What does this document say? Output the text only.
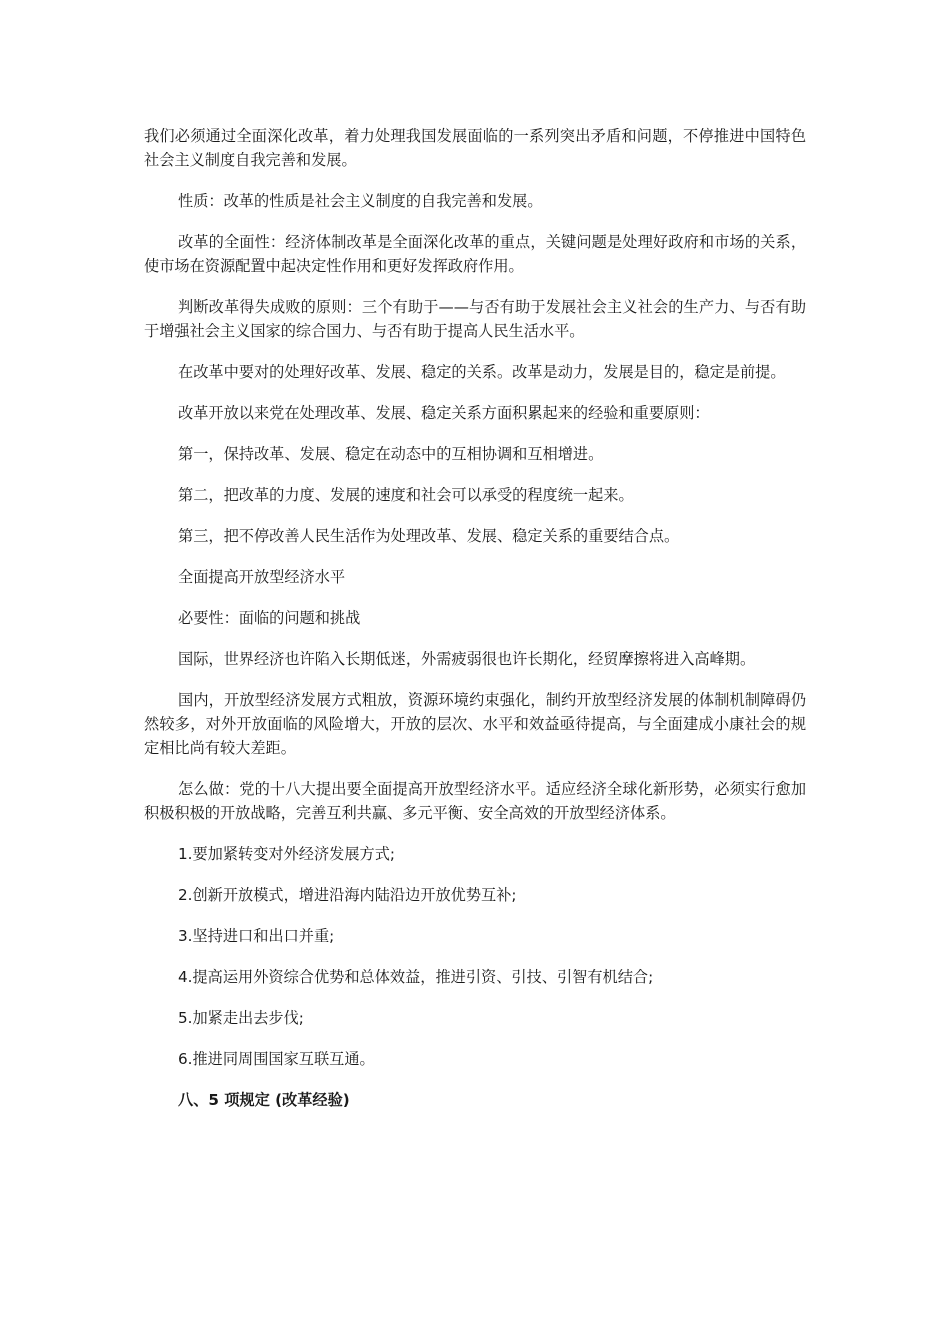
我们必须通过全面深化改革，着力处理我国发展面临的一系列突出矛盾和问题，不停推进中国特色社会主义制度自我完善和发展。

性质：改革的性质是社会主义制度的自我完善和发展。

改革的全面性：经济体制改革是全面深化改革的重点，关键问题是处理好政府和市场的关系，使市场在资源配置中起决定性作用和更好发挥政府作用。

判断改革得失成败的原则：三个有助于——与否有助于发展社会主义社会的生产力、与否有助于增强社会主义国家的综合国力、与否有助于提高人民生活水平。

在改革中要对的处理好改革、发展、稳定的关系。改革是动力，发展是目的，稳定是前提。

改革开放以来党在处理改革、发展、稳定关系方面积累起来的经验和重要原则：

第一，保持改革、发展、稳定在动态中的互相协调和互相增进。

第二，把改革的力度、发展的速度和社会可以承受的程度统一起来。

第三，把不停改善人民生活作为处理改革、发展、稳定关系的重要结合点。

全面提高开放型经济水平

必要性：面临的问题和挑战

国际，世界经济也许陷入长期低迷，外需疲弱很也许长期化，经贸摩擦将进入高峰期。

国内，开放型经济发展方式粗放，资源环境约束强化，制约开放型经济发展的体制机制障碍仍然较多，对外开放面临的风险增大，开放的层次、水平和效益亟待提高，与全面建成小康社会的规定相比尚有较大差距。

怎么做：党的十八大提出要全面提高开放型经济水平。适应经济全球化新形势，必须实行愈加积极积极的开放战略，完善互利共赢、多元平衡、安全高效的开放型经济体系。

1.要加紧转变对外经济发展方式;

2.创新开放模式，增进沿海内陆沿边开放优势互补;

3.坚持进口和出口并重;

4.提高运用外资综合优势和总体效益，推进引资、引技、引智有机结合;

5.加紧走出去步伐;

6.推进同周围国家互联互通。

八、5 项规定 (改革经验)
